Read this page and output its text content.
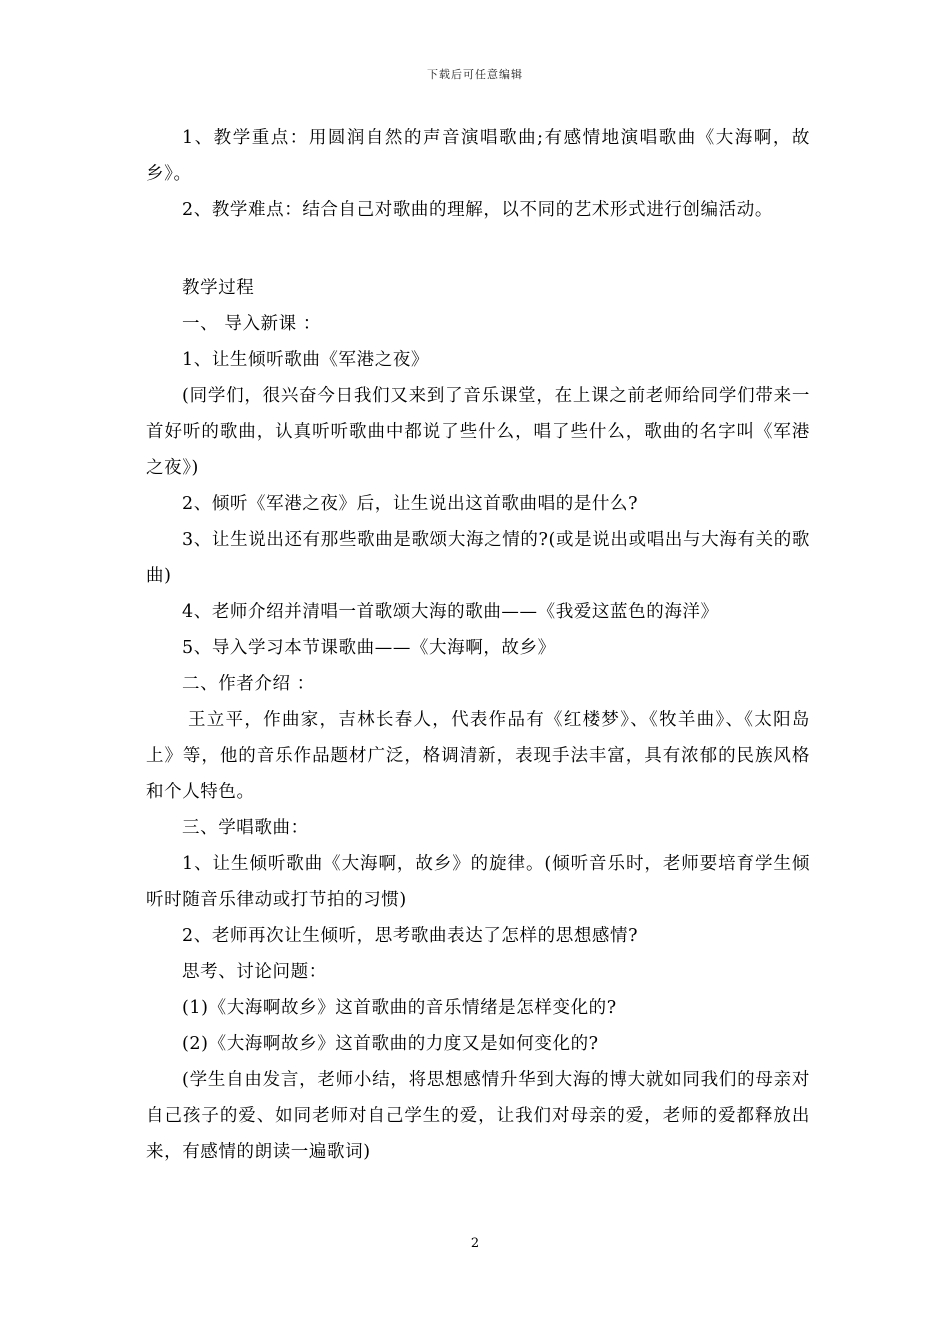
下载后可任意编辑

1、教学重点：用圆润自然的声音演唱歌曲;有感情地演唱歌曲《大海啊，故乡》。

2、教学难点：结合自己对歌曲的理解，以不同的艺术形式进行创编活动。

教学过程

一、 导入新课 ：

1、让生倾听歌曲《军港之夜》

(同学们，很兴奋今日我们又来到了音乐课堂，在上课之前老师给同学们带来一首好听的歌曲，认真听听歌曲中都说了些什么，唱了些什么，歌曲的名字叫《军港之夜》)

2、倾听《军港之夜》后，让生说出这首歌曲唱的是什么?

3、让生说出还有那些歌曲是歌颂大海之情的?(或是说出或唱出与大海有关的歌曲)

4、老师介绍并清唱一首歌颂大海的歌曲——《我爱这蓝色的海洋》

5、导入学习本节课歌曲——《大海啊，故乡》

二、作者介绍 ：

王立平，作曲家，吉林长春人，代表作品有《红楼梦》、《牧羊曲》、《太阳岛上》等，他的音乐作品题材广泛，格调清新，表现手法丰富，具有浓郁的民族风格和个人特色。

三、学唱歌曲：

1、让生倾听歌曲《大海啊，故乡》的旋律。(倾听音乐时，老师要培育学生倾听时随音乐律动或打节拍的习惯)

2、老师再次让生倾听，思考歌曲表达了怎样的思想感情?

思考、讨论问题：

(1)《大海啊故乡》这首歌曲的音乐情绪是怎样变化的?

(2)《大海啊故乡》这首歌曲的力度又是如何变化的?

(学生自由发言，老师小结，将思想感情升华到大海的博大就如同我们的母亲对自己孩子的爱、如同老师对自己学生的爱，让我们对母亲的爱，老师的爱都释放出来，有感情的朗读一遍歌词)

2
